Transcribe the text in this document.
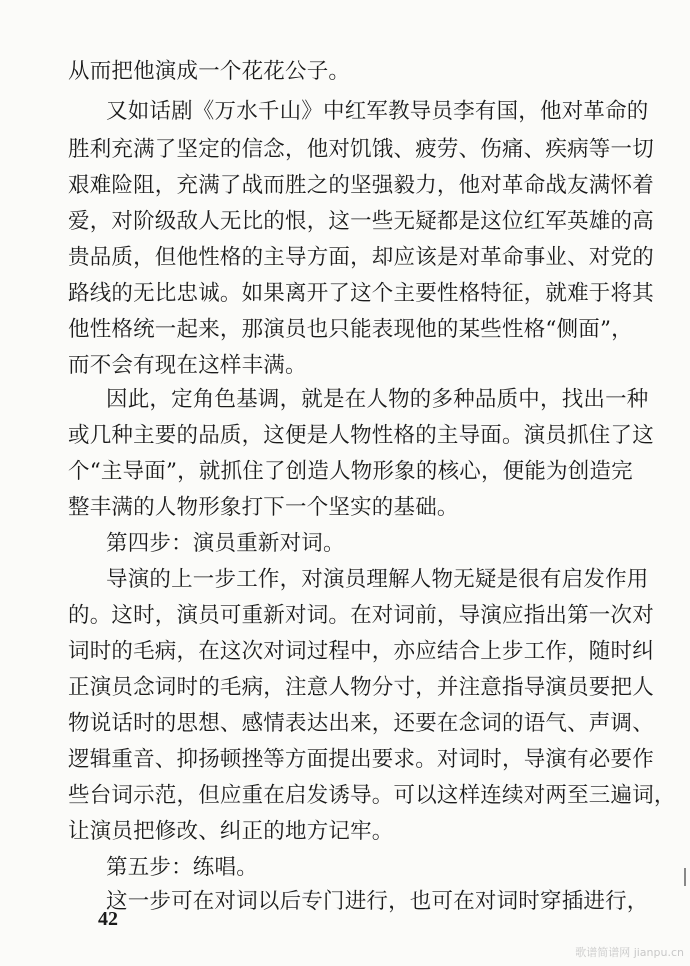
从而把他演成一个花花公子。
又如话剧《万水千山》中红军教导员李有国，他对革命的
胜利充满了坚定的信念，他对饥饿、疲劳、伤痛、疾病等一切
艰难险阻，充满了战而胜之的坚强毅力，他对革命战友满怀着
爱，对阶级敌人无比的恨，这一些无疑都是这位红军英雄的高
贵品质，但他性格的主导方面，却应该是对革命事业、对党的
路线的无比忠诚。如果离开了这个主要性格特征，就难于将其
他性格统一起来，那演员也只能表现他的某些性格“侧面”，
而不会有现在这样丰满。
因此，定角色基调，就是在人物的多种品质中，找出一种
或几种主要的品质，这便是人物性格的主导面。演员抓住了这
个“主导面”，就抓住了创造人物形象的核心，便能为创造完
整丰满的人物形象打下一个坚实的基础。
第四步：演员重新对词。
导演的上一步工作，对演员理解人物无疑是很有启发作用
的。这时，演员可重新对词。在对词前，导演应指出第一次对
词时的毛病，在这次对词过程中，亦应结合上步工作，随时纠
正演员念词时的毛病，注意人物分寸，并注意指导演员要把人
物说话时的思想、感情表达出来，还要在念词的语气、声调、
逻辑重音、抑扬顿挫等方面提出要求。对词时，导演有必要作
些台词示范，但应重在启发诱导。可以这样连续对两至三遍词，
让演员把修改、纠正的地方记牢。
第五步：练唱。
这一步可在对词以后专门进行，也可在对词时穿插进行，
42
歌谱简谱网 jianpu.cn
